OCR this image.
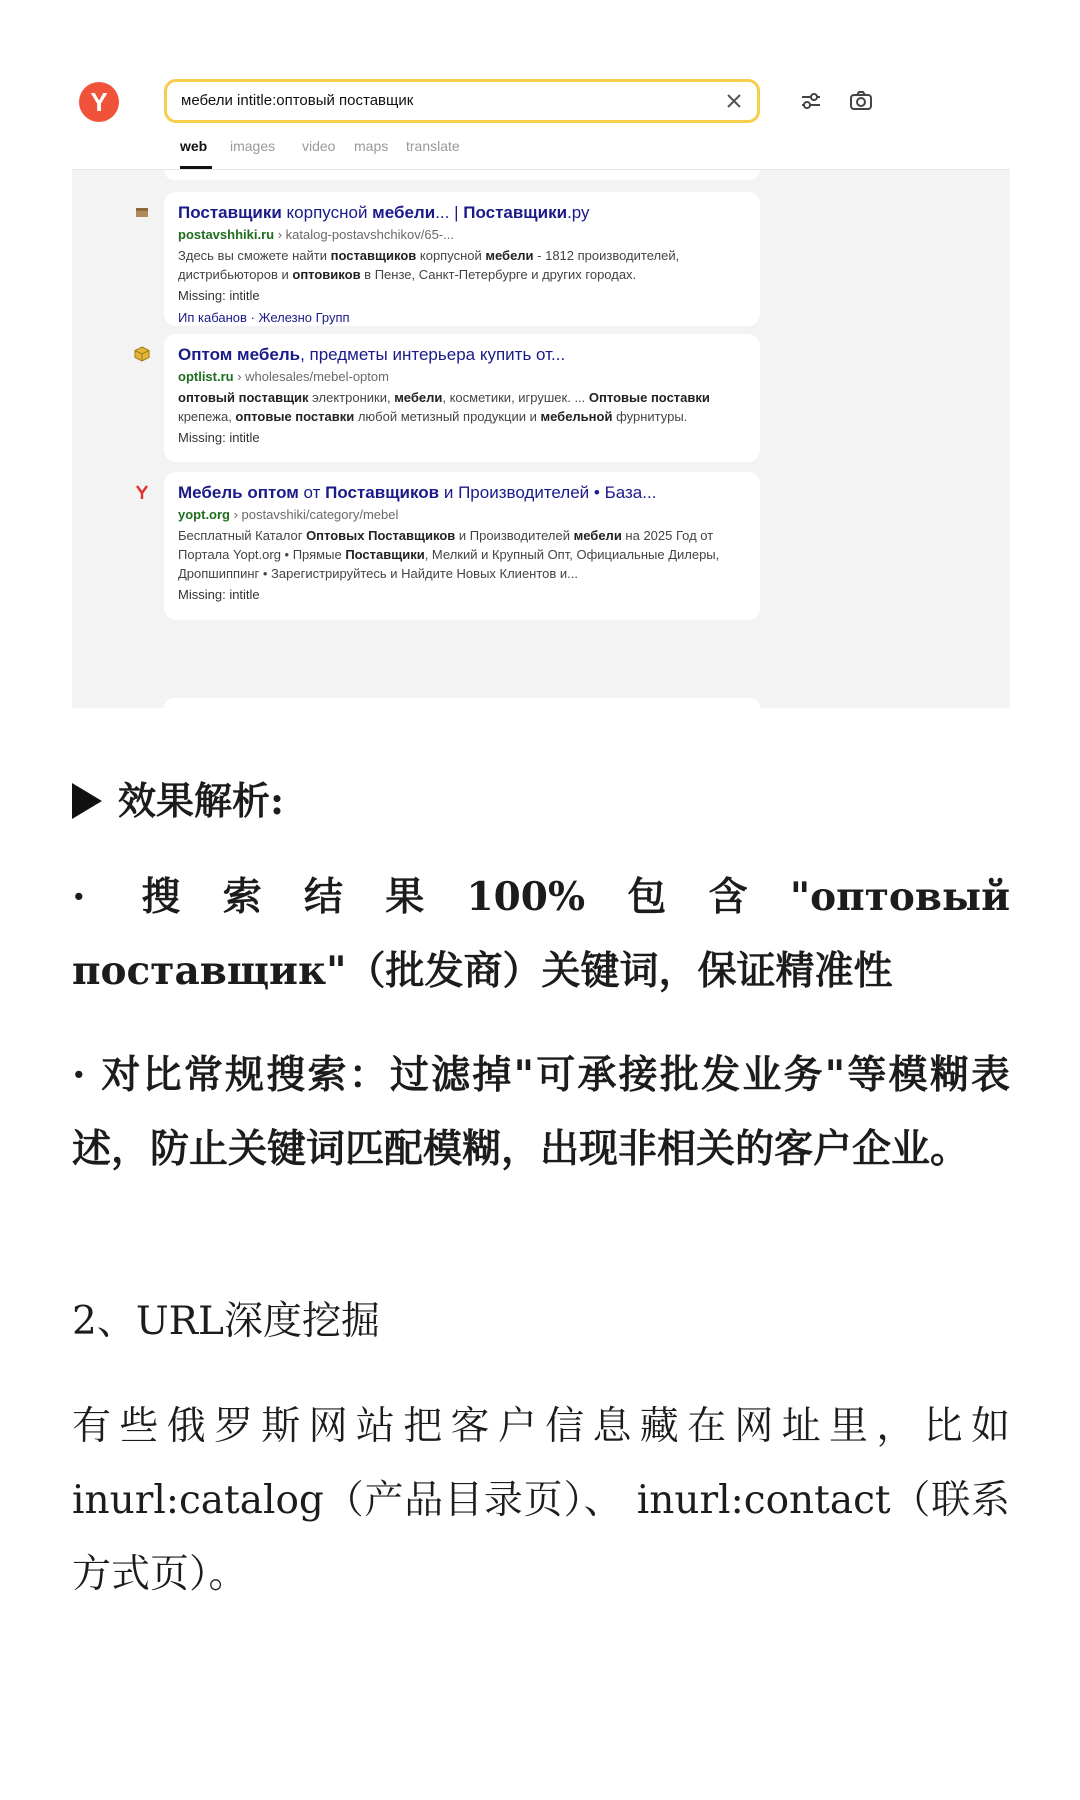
Y	мебели intitle:оптовый поставщик
web images video maps translate
Поставщики корпусной мебели... | Поставщики.ру
postavshhiki.ru › katalog-postavshchikov/65-...
Здесь вы сможете найти поставщиков корпусной мебели - 1812 производителей, дистрибьюторов и оптовиков в Пензе, Санкт-Петербурге и других городах.
Missing: intitle
Ип кабанов · Железно Групп
Оптом мебель, предметы интерьера купить от...
optlist.ru › wholesales/mebel-optom
оптовый поставщик электроники, мебели, косметики, игрушек. ... Оптовые поставки крепежа, оптовые поставки любой метизный продукции и мебельной фурнитуры.
Missing: intitle
Мебель оптом от Поставщиков и Производителей • База...
yopt.org › postavshiki/category/mebel
Бесплатный Каталог Оптовых Поставщиков и Производителей мебели на 2025 Год от Портала Yopt.org • Прямые Поставщики, Мелкий и Крупный Опт, Официальные Дилеры, Дропшиппинг • Зарегистрируйтесь и Найдите Новых Клиентов и...
Missing: intitle
效果解析:
· 搜索结果100%包含"оптовый поставщик"（批发商）关键词，保证精准性
· 对比常规搜索：过滤掉"可承接批发业务"等模糊表述，防止关键词匹配模糊，出现非相关的客户企业。
2、URL深度挖掘
有些俄罗斯网站把客户信息藏在网址里，比如 inurl:catalog（产品目录页）、 inurl:contact（联系方式页）。
